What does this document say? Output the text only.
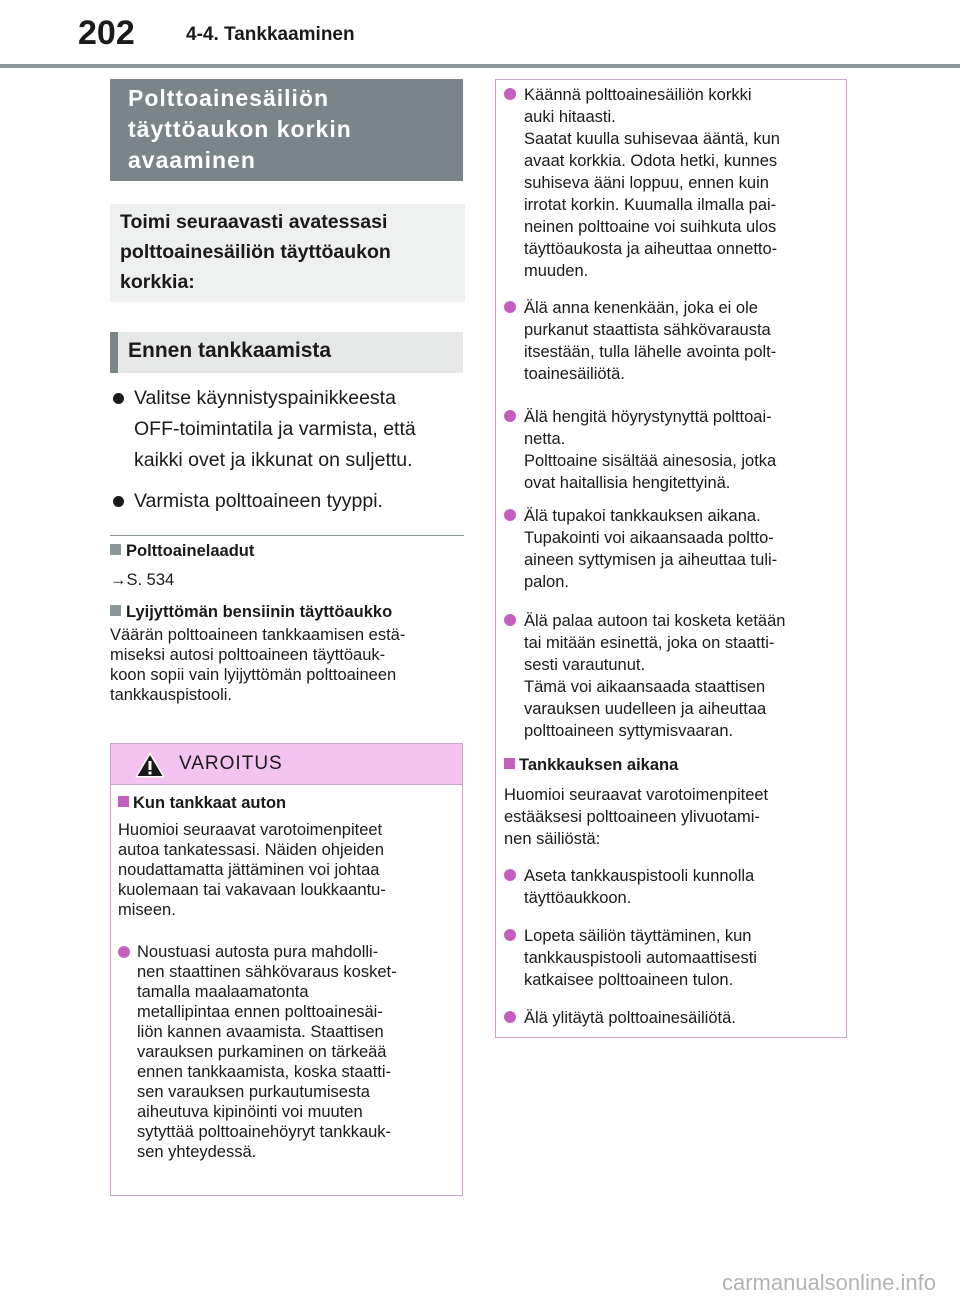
202	4-4. Tankkaaminen
Polttoainesäiliön
täyttöaukon korkin
avaaminen
Toimi seuraavasti avatessasi
polttoainesäiliön täyttöaukon
korkkia:
Ennen tankkaamista
Valitse käynnistyspainikkeesta
OFF-toimintatila ja varmista, että
kaikki ovet ja ikkunat on suljettu.
Varmista polttoaineen tyyppi.
Polttoainelaadut
→S. 534
Lyijyttömän bensiinin täyttöaukko
Väärän polttoaineen tankkaamisen estä-
miseksi autosi polttoaineen täyttöauk-
koon sopii vain lyijyttömän polttoaineen
tankkauspistooli.
VAROITUS
Kun tankkaat auton
Huomioi seuraavat varotoimenpiteet
autoa tankatessasi. Näiden ohjeiden
noudattamatta jättäminen voi johtaa
kuolemaan tai vakavaan loukkaantu-
miseen.
Noustuasi autosta pura mahdolli-
nen staattinen sähkövaraus kosket-
tamalla maalaamatonta
metallipintaa ennen polttoainesäi-
liön kannen avaamista. Staattisen
varauksen purkaminen on tärkeää
ennen tankkaamista, koska staatti-
sen varauksen purkautumisesta
aiheutuva kipinöinti voi muuten
sytyttää polttoainehöyryt tankkauk-
sen yhteydessä.
Käännä polttoainesäiliön korkki
auki hitaasti.
Saatat kuulla suhisevaa ääntä, kun
avaat korkkia. Odota hetki, kunnes
suhiseva ääni loppuu, ennen kuin
irrotat korkin. Kuumalla ilmalla pai-
neinen polttoaine voi suihkuta ulos
täyttöaukosta ja aiheuttaa onnetto-
muuden.
Älä anna kenenkään, joka ei ole
purkanut staattista sähkövarausta
itsestään, tulla lähelle avointa polt-
toainesäiliötä.
Älä hengitä höyrystynyttä polttoai-
netta.
Polttoaine sisältää ainesosia, jotka
ovat haitallisia hengitettyinä.
Älä tupakoi tankkauksen aikana.
Tupakointi voi aikaansaada poltto-
aineen syttymisen ja aiheuttaa tuli-
palon.
Älä palaa autoon tai kosketa ketään
tai mitään esinettä, joka on staatti-
sesti varautunut.
Tämä voi aikaansaada staattisen
varauksen uudelleen ja aiheuttaa
polttoaineen syttymisvaaran.
Tankkauksen aikana
Huomioi seuraavat varotoimenpiteet
estääksesi polttoaineen ylivuotami-
nen säiliöstä:
Aseta tankkauspistooli kunnolla
täyttöaukkoon.
Lopeta säiliön täyttäminen, kun
tankkauspistooli automaattisesti
katkaisee polttoaineen tulon.
Älä ylitäytä polttoainesäiliötä.
carmanualsonline.info
